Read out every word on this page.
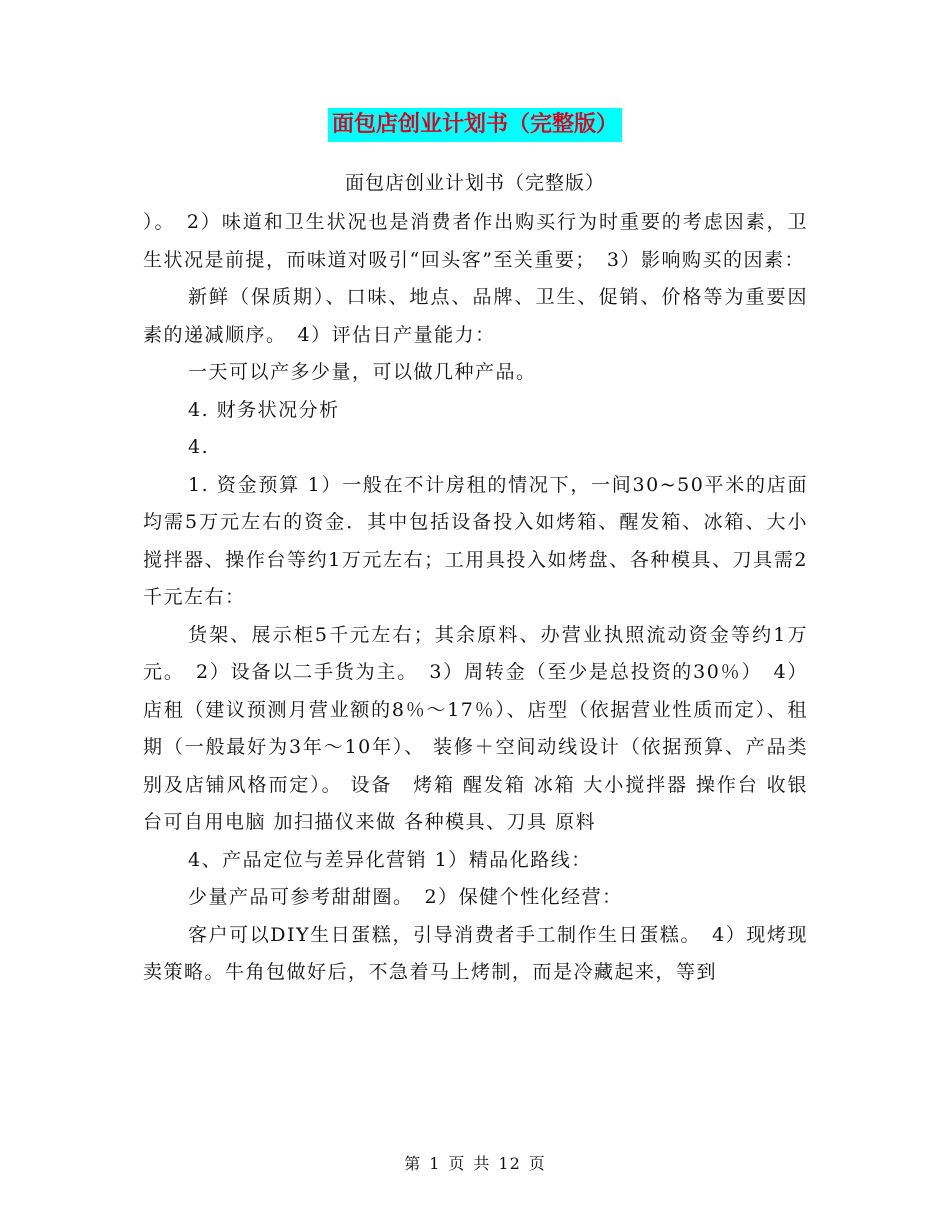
面包店创业计划书（完整版）
面包店创业计划书（完整版）

）。　2）味道和卫生状况也是消费者作出购买行为时重要的考虑因素，卫生状况是前提，而味道对吸引“回头客”至关重要；　3）影响购买的因素：

新鲜（保质期）、口味、地点、品牌、卫生、促销、价格等为重要因素的递减顺序。　4）评估日产量能力：

一天可以产多少量，可以做几种产品。

4. 财务状况分析

4.

1. 资金预算 1）一般在不计房租的情况下，一间30~50平米的店面均需5万元左右的资金．其中包括设备投入如烤箱、醒发箱、冰箱、大小搅拌器、操作台等约1万元左右；工用具投入如烤盘、各种模具、刀具需2千元左右：

货架、展示柜5千元左右；其余原料、办营业执照流动资金等约1万元。　2）设备以二手货为主。　3）周转金（至少是总投资的30％）　4）店租（建议预测月营业额的8％～17％）、店型（依据营业性质而定）、租期（一般最好为3年～10年）、 装修＋空间动线设计（依据预算、产品类别及店铺风格而定）。 设备　烤箱 醒发箱 冰箱 大小搅拌器 操作台 收银台可自用电脑 加扫描仪来做 各种模具、刀具 原料

4、产品定位与差异化营销 1）精品化路线：

少量产品可参考甜甜圈。　2）保健个性化经营：

客户可以DIY生日蛋糕，引导消费者手工制作生日蛋糕。　4）现烤现卖策略。牛角包做好后，不急着马上烤制，而是冷藏起来，等到

第 1 页 共 12 页
